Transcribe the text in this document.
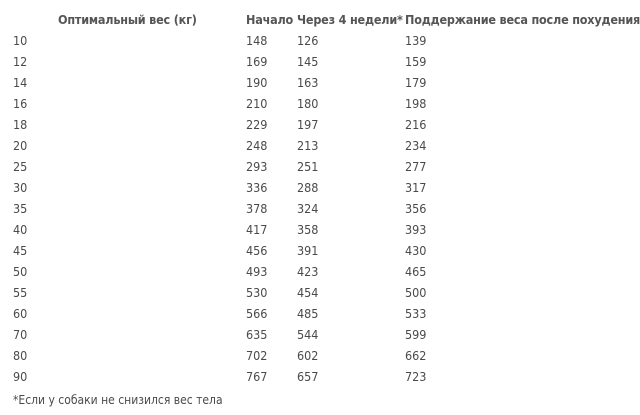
Оптимальный вес (кг)	Начало	Через 4 недели*	Поддержание веса после похудения
10	148	126	139
12	169	145	159
14	190	163	179
16	210	180	198
18	229	197	216
20	248	213	234
25	293	251	277
30	336	288	317
35	378	324	356
40	417	358	393
45	456	391	430
50	493	423	465
55	530	454	500
60	566	485	533
70	635	544	599
80	702	602	662
90	767	657	723
*Если у собаки не снизился вес тела
